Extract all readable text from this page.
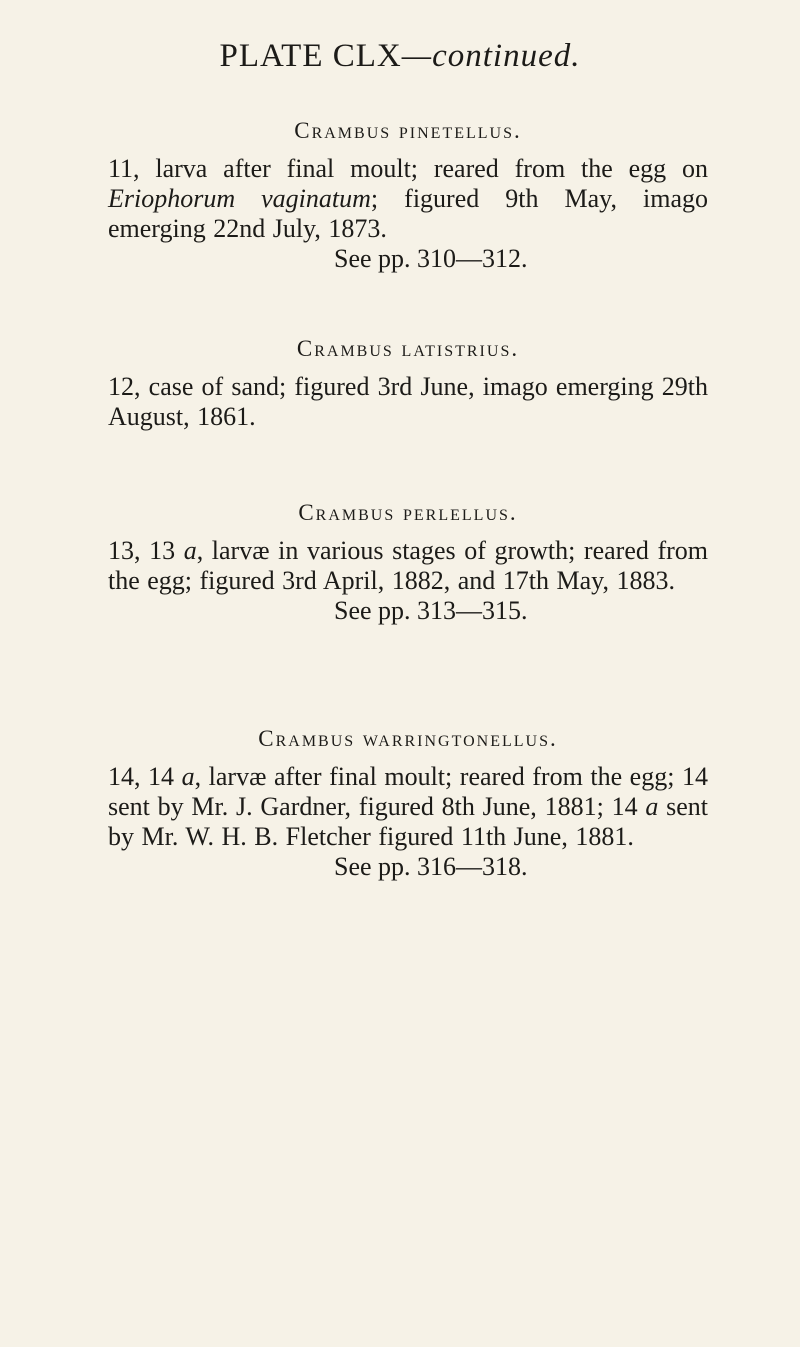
PLATE CLX—continued.
Crambus pinetellus.

11, larva after final moult; reared from the egg on Eriophorum vaginatum; figured 9th May, imago emerging 22nd July, 1873.

See pp. 310—312.

Crambus latistrius.

12, case of sand; figured 3rd June, imago emerging 29th August, 1861.

Crambus perlellus.

13, 13 a, larvæ in various stages of growth; reared from the egg; figured 3rd April, 1882, and 17th May, 1883.

See pp. 313—315.

Crambus warringtonellus.

14, 14 a, larvæ after final moult; reared from the egg; 14 sent by Mr. J. Gardner, figured 8th June, 1881; 14 a sent by Mr. W. H. B. Fletcher figured 11th June, 1881.

See pp. 316—318.
